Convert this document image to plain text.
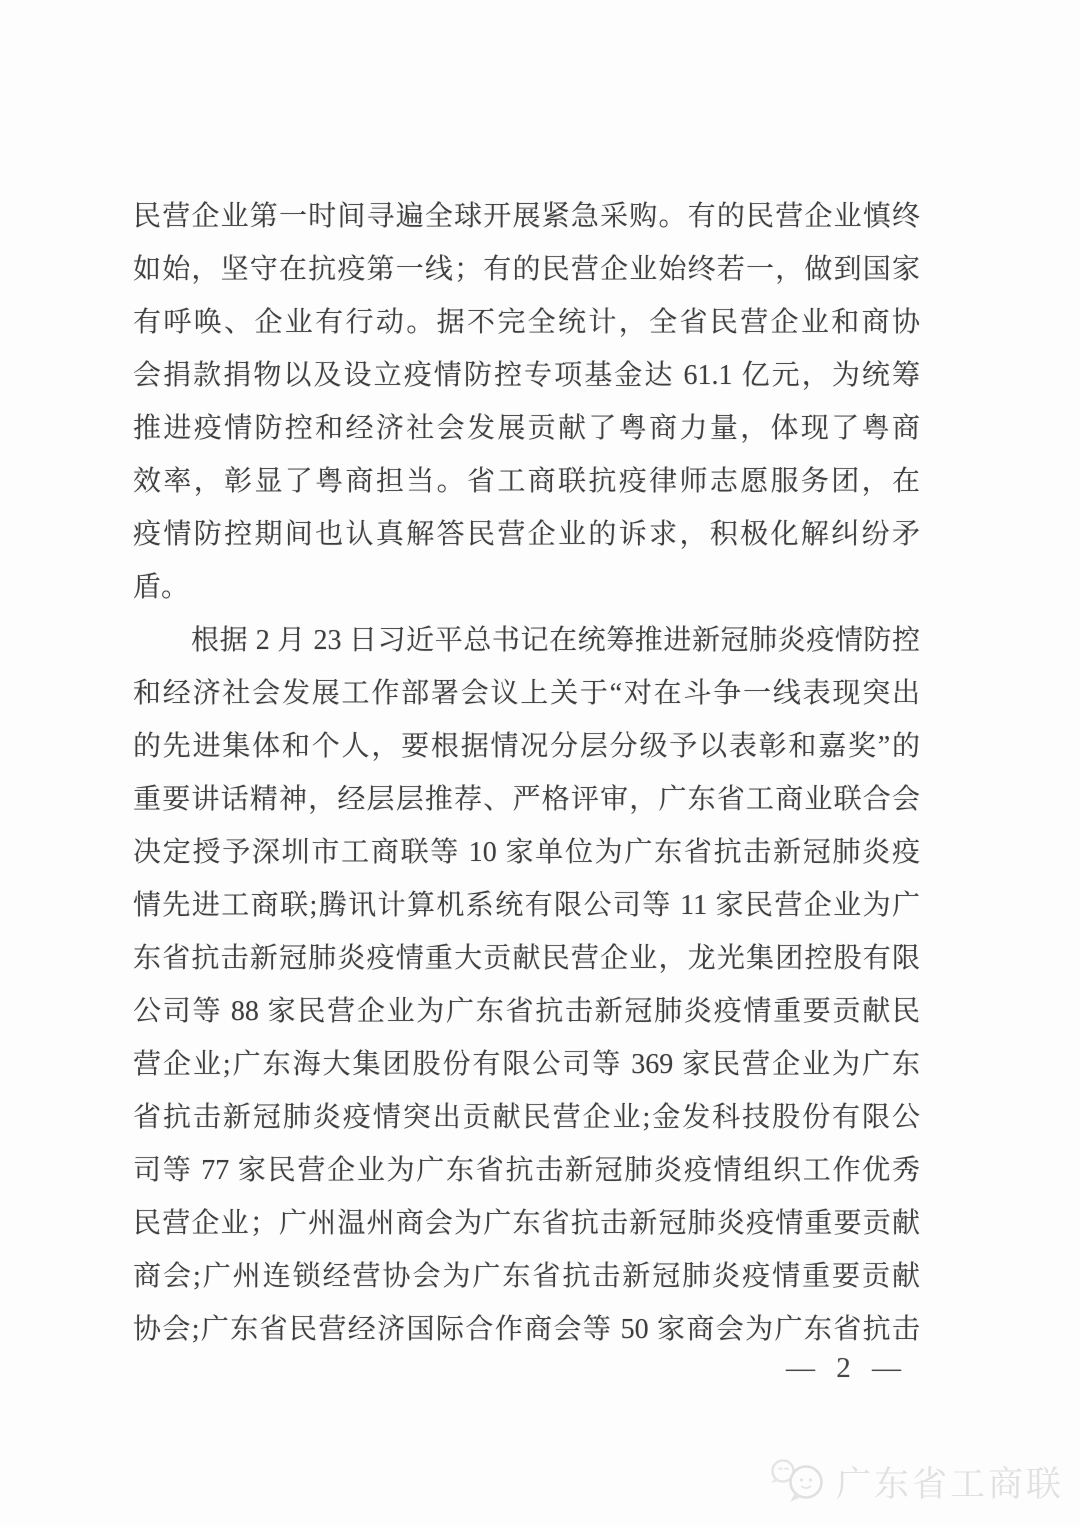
民营企业第一时间寻遍全球开展紧急采购。有的民营企业慎终
如始，坚守在抗疫第一线；有的民营企业始终若一，做到国家
有呼唤、企业有行动。据不完全统计，全省民营企业和商协
会捐款捐物以及设立疫情防控专项基金达 61.1 亿元，为统筹
推进疫情防控和经济社会发展贡献了粤商力量，体现了粤商
效率，彰显了粤商担当。省工商联抗疫律师志愿服务团，在
疫情防控期间也认真解答民营企业的诉求，积极化解纠纷矛
盾。
根据 2 月 23 日习近平总书记在统筹推进新冠肺炎疫情防控
和经济社会发展工作部署会议上关于“对在斗争一线表现突出
的先进集体和个人，要根据情况分层分级予以表彰和嘉奖”的
重要讲话精神，经层层推荐、严格评审，广东省工商业联合会
决定授予深圳市工商联等 10 家单位为广东省抗击新冠肺炎疫
情先进工商联;腾讯计算机系统有限公司等 11 家民营企业为广
东省抗击新冠肺炎疫情重大贡献民营企业，龙光集团控股有限
公司等 88 家民营企业为广东省抗击新冠肺炎疫情重要贡献民
营企业;广东海大集团股份有限公司等 369 家民营企业为广东
省抗击新冠肺炎疫情突出贡献民营企业;金发科技股份有限公
司等 77 家民营企业为广东省抗击新冠肺炎疫情组织工作优秀
民营企业；广州温州商会为广东省抗击新冠肺炎疫情重要贡献
商会;广州连锁经营协会为广东省抗击新冠肺炎疫情重要贡献
协会;广东省民营经济国际合作商会等 50 家商会为广东省抗击
— 2 —
广东省工商联
